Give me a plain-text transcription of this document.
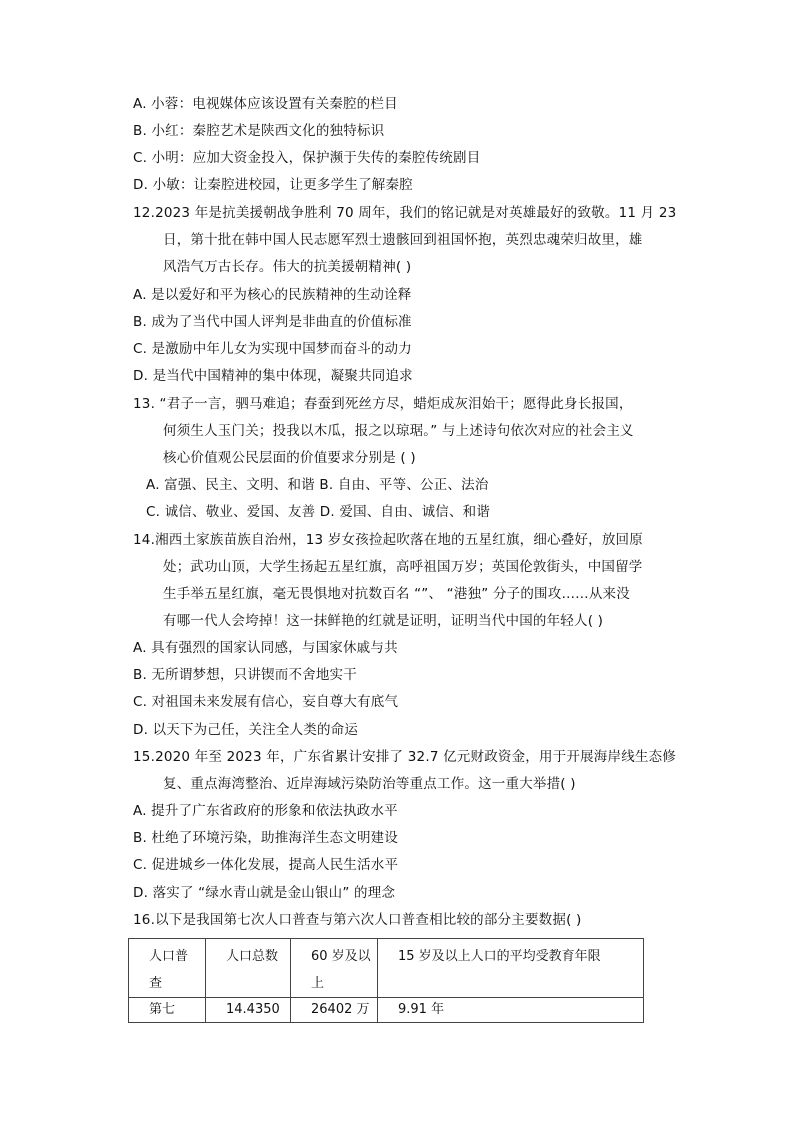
A. 小蓉：电视媒体应该设置有关秦腔的栏目
B. 小红：秦腔艺术是陕西文化的独特标识
C. 小明：应加大资金投入，保护濒于失传的秦腔传统剧目
D. 小敏：让秦腔进校园，让更多学生了解秦腔
12.2023 年是抗美援朝战争胜利 70 周年，我们的铭记就是对英雄最好的致敬。11 月 23
日，第十批在韩中国人民志愿军烈士遗骸回到祖国怀抱，英烈忠魂荣归故里，雄
风浩气万古长存。伟大的抗美援朝精神( )
A. 是以爱好和平为核心的民族精神的生动诠释
B. 成为了当代中国人评判是非曲直的价值标准
C. 是激励中年儿女为实现中国梦而奋斗的动力
D. 是当代中国精神的集中体现，凝聚共同追求
13. “君子一言，驷马难追；春蚕到死丝方尽，蜡炬成灰泪始干；愿得此身长报国，
何须生人玉门关；投我以木瓜，报之以琼琚。” 与上述诗句依次对应的社会主义
核心价值观公民层面的价值要求分别是 ( )
A. 富强、民主、文明、和谐 B. 自由、平等、公正、法治
C. 诚信、敬业、爱国、友善 D. 爱国、自由、诚信、和谐
14.湘西土家族苗族自治州，13 岁女孩捡起吹落在地的五星红旗，细心叠好，放回原
处；武功山顶，大学生扬起五星红旗，高呼祖国万岁；英国伦敦街头，中国留学
生手举五星红旗，毫无畏惧地对抗数百名 “”、 “港独” 分子的围攻……从来没
有哪一代人会垮掉！这一抹鲜艳的红就是证明，证明当代中国的年轻人( )
A. 具有强烈的国家认同感，与国家休戚与共
B. 无所谓梦想，只讲锲而不舍地实干
C. 对祖国未来发展有信心，妄自尊大有底气
D. 以天下为己任，关注全人类的命运
15.2020 年至 2023 年，广东省累计安排了 32.7 亿元财政资金，用于开展海岸线生态修
复、重点海湾整治、近岸海域污染防治等重点工作。这一重大举措( )
A. 提升了广东省政府的形象和依法执政水平
B. 杜绝了环境污染，助推海洋生态文明建设
C. 促进城乡一体化发展，提高人民生活水平
D. 落实了 “绿水青山就是金山银山” 的理念
16.以下是我国第七次人口普查与第六次人口普查相比较的部分主要数据( )
人口普查	人口总数	60 岁及以上	15 岁及以上人口的平均受教育年限
第七	14.4350	26402 万	9.91 年
